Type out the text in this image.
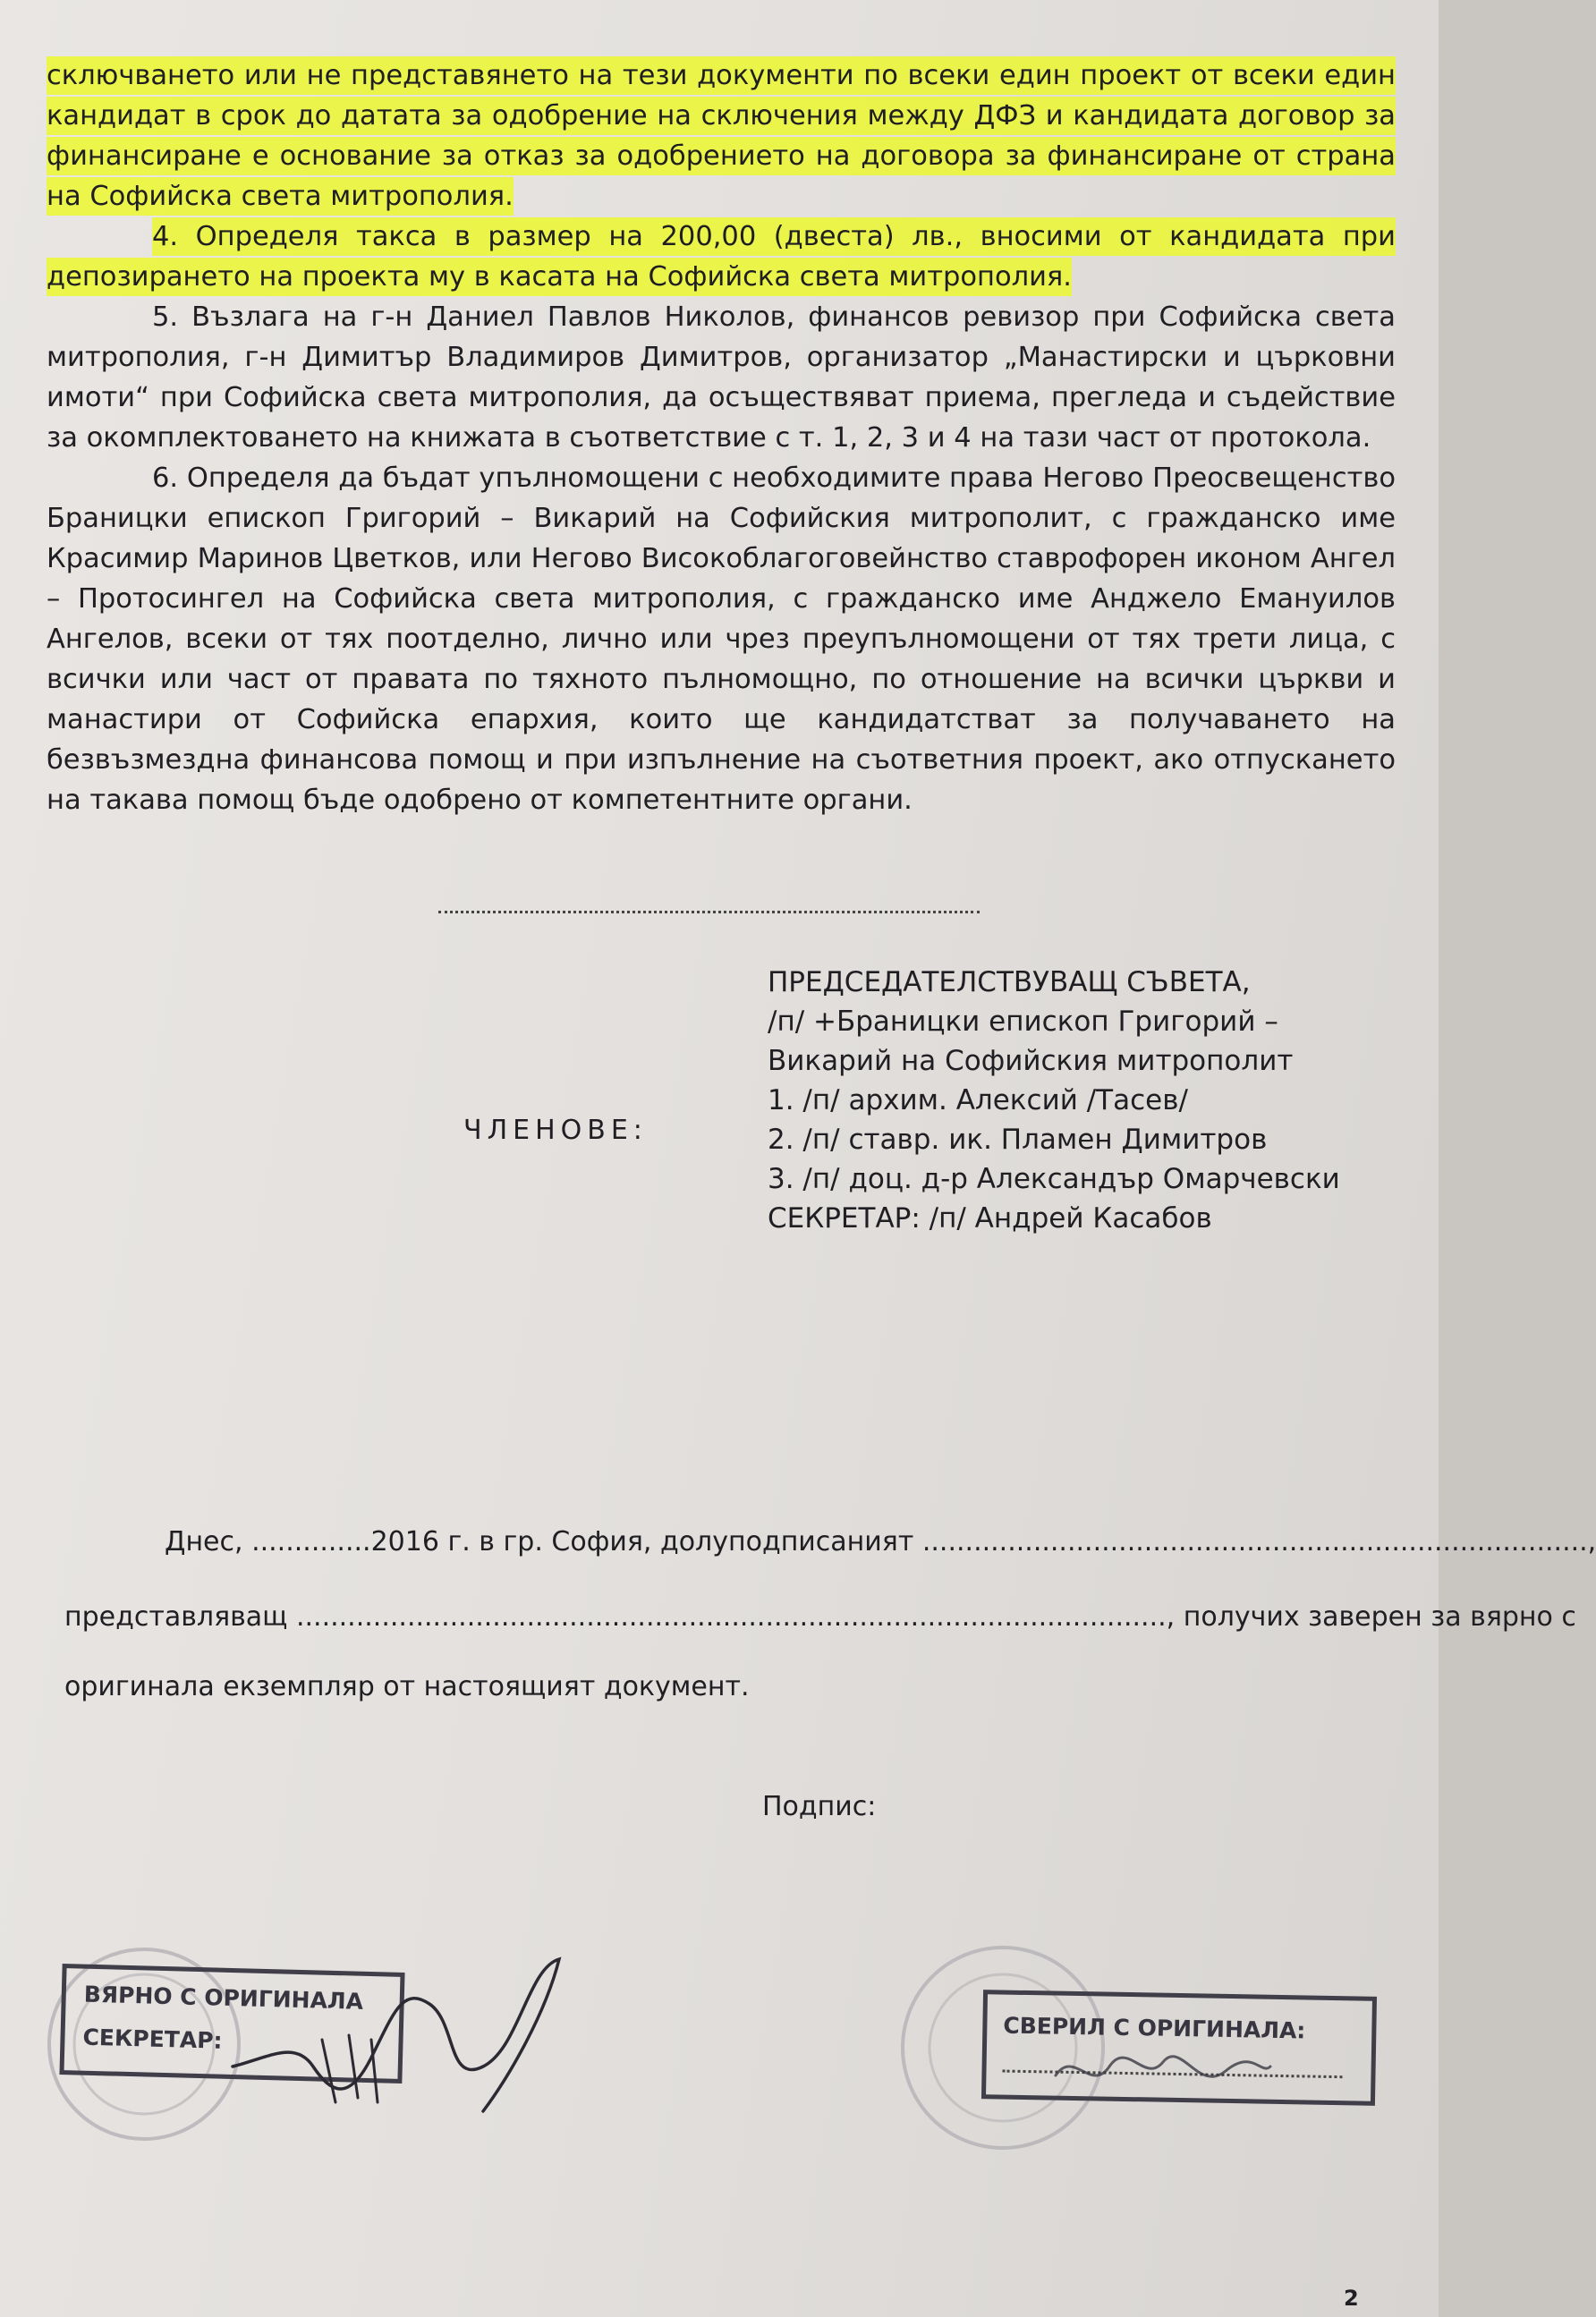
сключването или не представянето на тези документи по всеки един проект от всеки един кандидат в срок до датата за одобрение на сключения между ДФЗ и кандидата договор за финансиране е основание за отказ за одобрението на договора за финансиране от страна на Софийска света митрополия.

4. Определя такса в размер на 200,00 (двеста) лв., вносими от кандидата при депозирането на проекта му в касата на Софийска света митрополия.

5. Възлага на г-н Даниел Павлов Николов, финансов ревизор при Софийска света митрополия, г-н Димитър Владимиров Димитров, организатор „Манастирски и църковни имоти“ при Софийска света митрополия, да осъществяват приема, прегледа и съдействие за окомплектоването на книжата в съответствие с т. 1, 2, 3 и 4 на тази част от протокола.

6. Определя да бъдат упълномощени с необходимите права Негово Преосвещенство Браницки епископ Григорий – Викарий на Софийския митрополит, с гражданско име Красимир Маринов Цветков, или Негово Високоблагоговейнство ставрофорен иконом Ангел – Протосингел на Софийска света митрополия, с гражданско име Анджело Емануилов Ангелов, всеки от тях поотделно, лично или чрез преупълномощени от тях трети лица, с всички или част от правата по тяхното пълномощно, по отношение на всички църкви и манастири от Софийска епархия, които ще кандидатстват за получаването на безвъзмездна финансова помощ и при изпълнение на съответния проект, ако отпускането на такава помощ бъде одобрено от компетентните органи.

ПРЕДСЕДАТЕЛСТВУВАЩ СЪВЕТА,
/п/ +Браницки епископ Григорий –
Викарий на Софийския митрополит
1. /п/ архим. Алексий /Тасев/
2. /п/ ставр. ик. Пламен Димитров
3. /п/ доц. д-р Александър Омарчевски
СЕКРЕТАР: /п/ Андрей Касабов
ЧЛЕНОВЕ:
Днес, ..............2016 г. в гр. София, долуподписаният ..............................................................................,
представляващ ......................................................................................................, получих заверен за вярно с
оригинала екземпляр от настоящият документ.
Подпис:
ВЯРНО С ОРИГИНАЛА
СЕКРЕТАР:	СВЕРИЛ С ОРИГИНАЛА:
2
